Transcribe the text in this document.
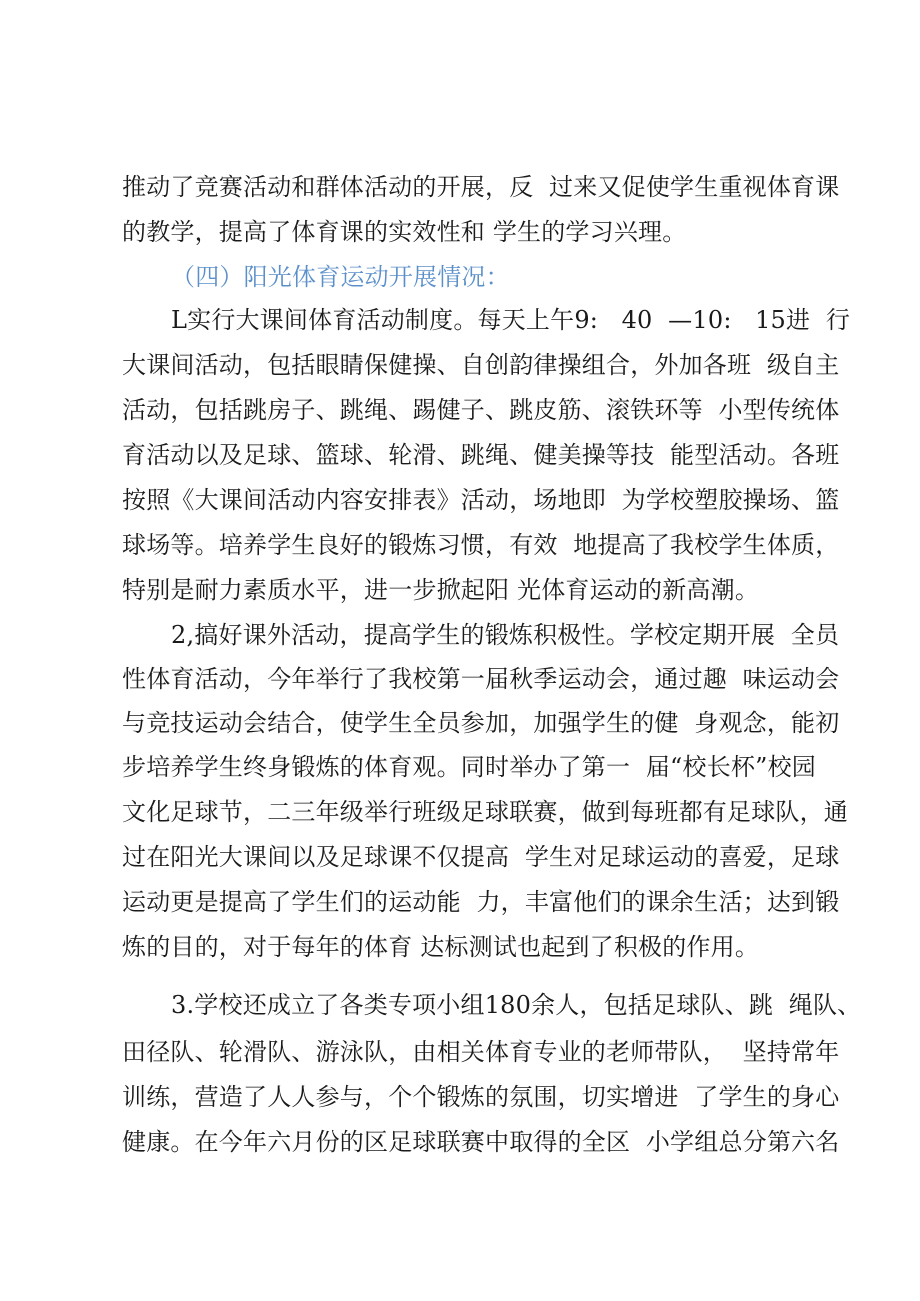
推动了竞赛活动和群体活动的开展，反  过来又促使学生重视体育课
的教学，提高了体育课的实效性和 学生的学习兴理。
（四）阳光体育运动开展情况：
L实行大课间体育活动制度。每天上午9:   40  —10:   15进  行
大课间活动，包括眼睛保健操、自创韵律操组合，外加各班  级自主
活动，包括跳房子、跳绳、踢健子、跳皮筋、滚铁环等  小型传统体
育活动以及足球、篮球、轮滑、跳绳、健美操等技  能型活动。各班
按照《大课间活动内容安排表》活动，场地即  为学校塑胶操场、篮
球场等。培养学生良好的锻炼习惯，有效  地提高了我校学生体质，
特别是耐力素质水平，进一步掀起阳 光体育运动的新高潮。
2,搞好课外活动，提高学生的锻炼积极性。学校定期开展  全员
性体育活动，今年举行了我校第一届秋季运动会，通过趣  味运动会
与竞技运动会结合，使学生全员参加，加强学生的健  身观念，能初
步培养学生终身锻炼的体育观。同时举办了第一  届“校长杯”校园
文化足球节，二三年级举行班级足球联赛，做到每班都有足球队，通
过在阳光大课间以及足球课不仅提高  学生对足球运动的喜爱，足球
运动更是提高了学生们的运动能  力，丰富他们的课余生活；达到锻
炼的目的，对于每年的体育 达标测试也起到了积极的作用。
3.学校还成立了各类专项小组180余人，包括足球队、跳  绳队、
田径队、轮滑队、游泳队，由相关体育专业的老师带队，  坚持常年
训练，营造了人人参与，个个锻炼的氛围，切实增进  了学生的身心
健康。在今年六月份的区足球联赛中取得的全区  小学组总分第六名
